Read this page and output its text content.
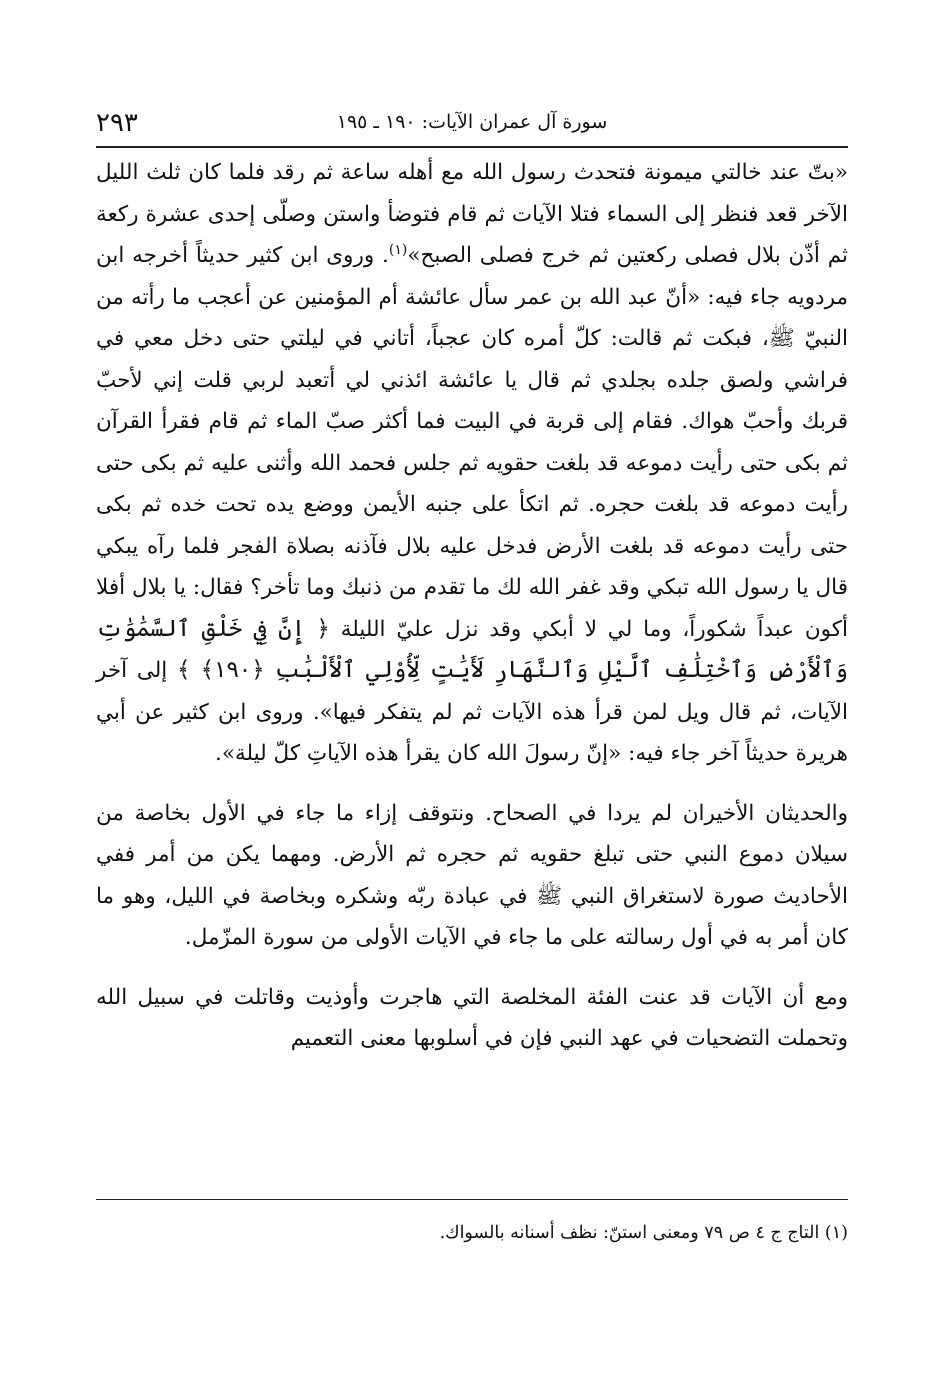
٢٩٣	سورة آل عمران الآيات: ١٩٠ ـ ١٩٥

«بتّ عند خالتي ميمونة فتحدث رسول الله مع أهله ساعة ثم رقد فلما كان ثلث الليل الآخر قعد فنظر إلى السماء فتلا الآيات ثم قام فتوضأ واستن وصلّى إحدى عشرة ركعة ثم أذّن بلال فصلى ركعتين ثم خرج فصلى الصبح»$^{(١)}$. وروى ابن كثير حديثاً أخرجه ابن مردويه جاء فيه: «أنّ عبد الله بن عمر سأل عائشة أم المؤمنين عن أعجب ما رأته من النبيّ ﷺ، فبكت ثم قالت: كلّ أمره كان عجباً، أتاني في ليلتي حتى دخل معي في فراشي ولصق جلده بجلدي ثم قال يا عائشة ائذني لي أتعبد لربي قلت إني لأحبّ قربك وأحبّ هواك. فقام إلى قربة في البيت فما أكثر صبّ الماء ثم قام فقرأ القرآن ثم بكى حتى رأيت دموعه قد بلغت حقويه ثم جلس فحمد الله وأثنى عليه ثم بكى حتى رأيت دموعه قد بلغت حجره. ثم اتكأ على جنبه الأيمن ووضع يده تحت خده ثم بكى حتى رأيت دموعه قد بلغت الأرض فدخل عليه بلال فآذنه بصلاة الفجر فلما رآه يبكي قال يا رسول الله تبكي وقد غفر الله لك ما تقدم من ذنبك وما تأخر؟ فقال: يا بلال أفلا أكون عبداً شكوراً، وما لي لا أبكي وقد نزل عليّ الليلة ﴿ إِنَّ فِي خَلْقِ ٱلسَّمَٰوَٰتِ وَٱلْأَرْضِ وَٱخْتِلَٰفِ ٱلَّيْلِ وَٱلنَّهَارِ لَأَيَٰتٍ لِّأُوْلِي ٱلْأَلْبَٰبِ ﴿١٩٠﴾ ﴾ إلى آخر الآيات، ثم قال ويل لمن قرأ هذه الآيات ثم لم يتفكر فيها». وروى ابن كثير عن أبي هريرة حديثاً آخر جاء فيه: «إنّ رسولَ الله كان يقرأ هذه الآياتِ كلّ ليلة».

والحديثان الأخيران لم يردا في الصحاح. ونتوقف إزاء ما جاء في الأول بخاصة من سيلان دموع النبي حتى تبلغ حقويه ثم حجره ثم الأرض. ومهما يكن من أمر ففي الأحاديث صورة لاستغراق النبي ﷺ في عبادة ربّه وشكره وبخاصة في الليل، وهو ما كان أمر به في أول رسالته على ما جاء في الآيات الأولى من سورة المزّمل.

ومع أن الآيات قد عنت الفئة المخلصة التي هاجرت وأوذيت وقاتلت في سبيل الله وتحملت التضحيات في عهد النبي فإن في أسلوبها معنى التعميم

(١) التاج ج ٤ ص ٧٩ ومعنى استنّ: نظف أسنانه بالسواك.
